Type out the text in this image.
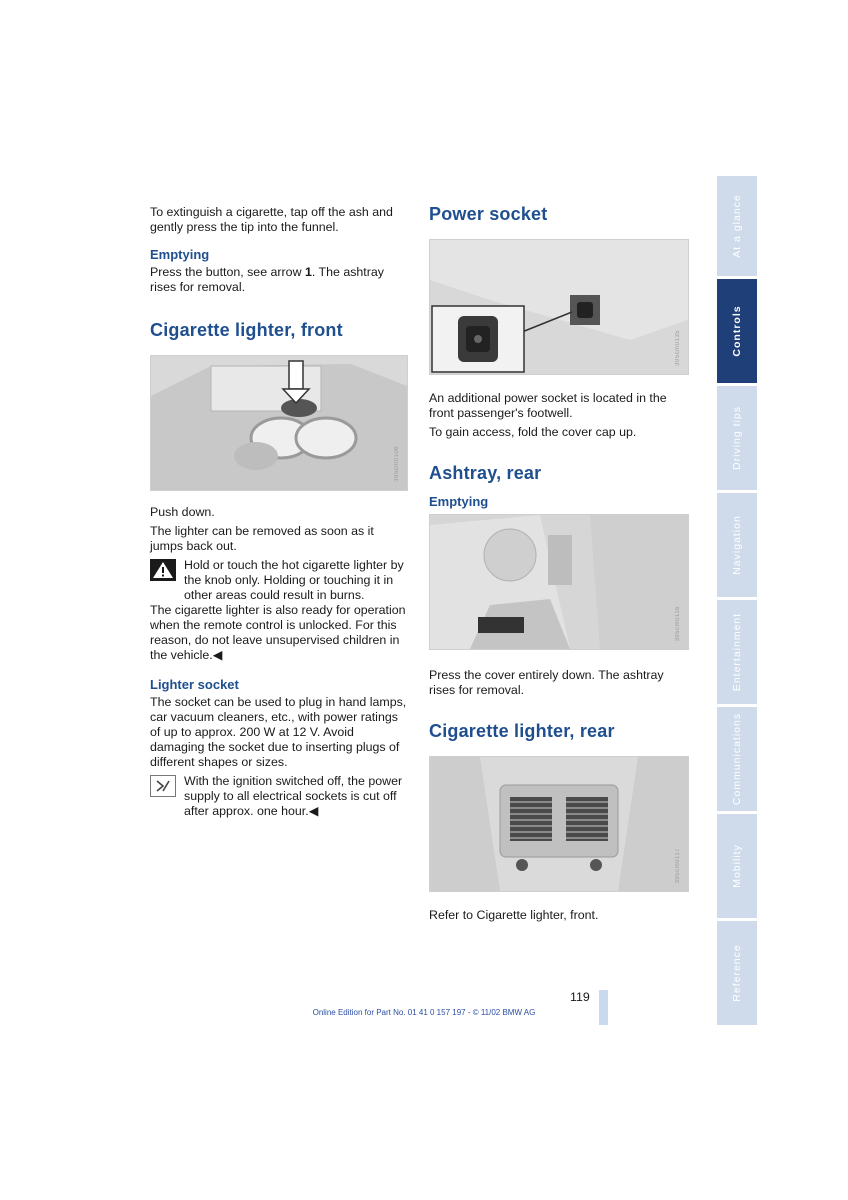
To extinguish a cigarette, tap off the ash and gently press the tip into the funnel.

Emptying

Press the button, see arrow 1. The ashtray rises for removal.

Cigarette lighter, front
395cm0106

Push down.

The lighter can be removed as soon as it jumps back out.

Hold or touch the hot cigarette lighter by the knob only. Holding or touching it in other areas could result in burns.

The cigarette lighter is also ready for operation when the remote control is unlocked. For this reason, do not leave unsupervised children in the vehicle.◀

Lighter socket

The socket can be used to plug in hand lamps, car vacuum cleaners, etc., with power ratings of up to approx. 200 W at 12 V. Avoid damaging the socket due to inserting plugs of different shapes or sizes.

With the ignition switched off, the power supply to all electrical sockets is cut off after approx. one hour.◀

Power socket
395cm0135

An additional power socket is located in the front passenger's footwell.

To gain access, fold the cover cap up.

Ashtray, rear
Emptying
395cm0116

Press the cover entirely down. The ashtray rises for removal.

Cigarette lighter, rear
395cm0117

Refer to Cigarette lighter, front.

At a glance
Controls
Driving tips
Navigation
Entertainment
Communications
Mobility
Reference
119
Online Edition for Part No. 01 41 0 157 197 - © 11/02 BMW AG
